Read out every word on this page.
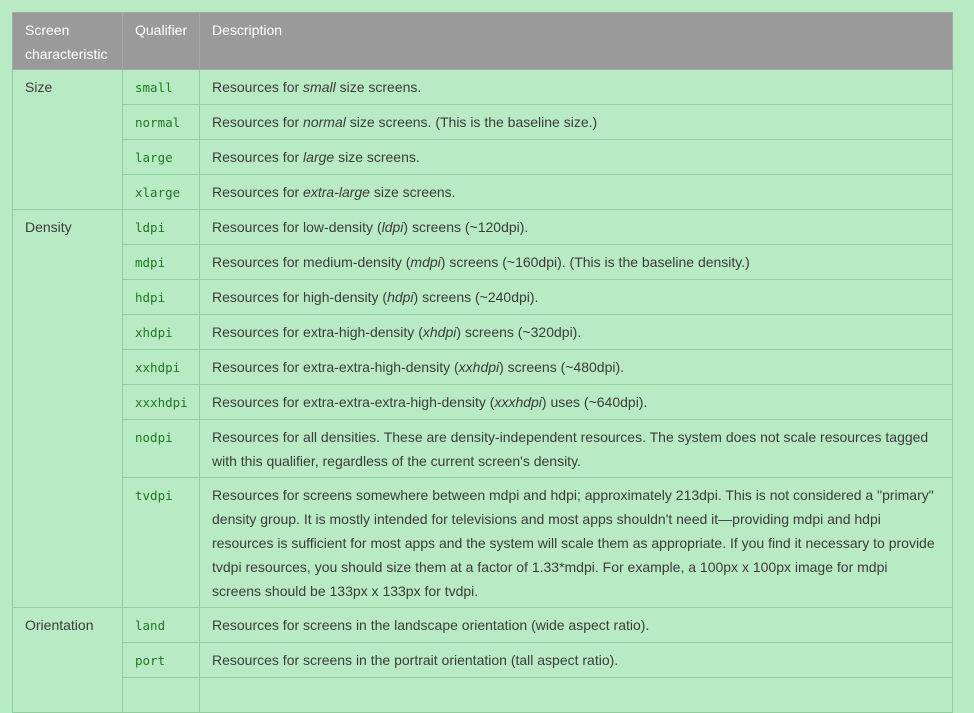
Screen characteristic	Qualifier	Description
Size	small	Resources for small size screens.
	normal	Resources for normal size screens. (This is the baseline size.)
	large	Resources for large size screens.
	xlarge	Resources for extra-large size screens.
Density	ldpi	Resources for low-density (ldpi) screens (~120dpi).
	mdpi	Resources for medium-density (mdpi) screens (~160dpi). (This is the baseline density.)
	hdpi	Resources for high-density (hdpi) screens (~240dpi).
	xhdpi	Resources for extra-high-density (xhdpi) screens (~320dpi).
	xxhdpi	Resources for extra-extra-high-density (xxhdpi) screens (~480dpi).
	xxxhdpi	Resources for extra-extra-extra-high-density (xxxhdpi) uses (~640dpi).
	nodpi	Resources for all densities. These are density-independent resources. The system does not scale resources tagged with this qualifier, regardless of the current screen's density.
	tvdpi	Resources for screens somewhere between mdpi and hdpi; approximately 213dpi. This is not considered a "primary" density group. It is mostly intended for televisions and most apps shouldn't need it—providing mdpi and hdpi resources is sufficient for most apps and the system will scale them as appropriate. If you find it necessary to provide tvdpi resources, you should size them at a factor of 1.33*mdpi. For example, a 100px x 100px image for mdpi screens should be 133px x 133px for tvdpi.
Orientation	land	Resources for screens in the landscape orientation (wide aspect ratio).
	port	Resources for screens in the portrait orientation (tall aspect ratio).
